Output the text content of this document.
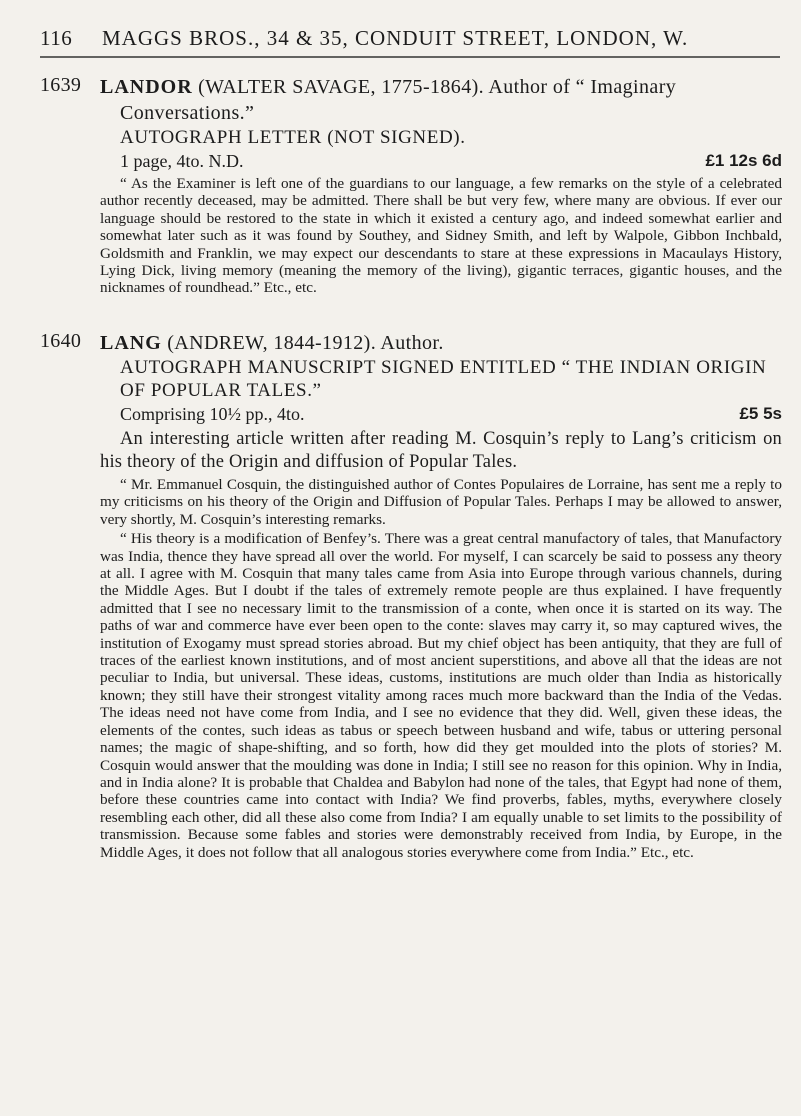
116 MAGGS BROS., 34 & 35, CONDUIT STREET, LONDON, W.
1639 LANDOR (WALTER SAVAGE, 1775-1864). Author of “ Imaginary
Conversations.”
AUTOGRAPH LETTER (NOT SIGNED).
1 page, 4to. N.D.	£1 12s 6d

“ As the Examiner is left one of the guardians to our language, a few remarks on the style of a celebrated author recently deceased, may be admitted. There shall be but very few, where many are obvious. If ever our language should be restored to the state in which it existed a century ago, and indeed somewhat earlier and somewhat later such as it was found by Southey, and Sidney Smith, and left by Walpole, Gibbon Inchbald, Goldsmith and Franklin, we may expect our descendants to stare at these expressions in Macaulays History, Lying Dick, living memory (meaning the memory of the living), gigantic terraces, gigantic houses, and the nicknames of roundhead.” Etc., etc.

1640 LANG (ANDREW, 1844-1912). Author.
AUTOGRAPH MANUSCRIPT SIGNED ENTITLED “ THE INDIAN ORIGIN OF POPULAR TALES.”
Comprising 10½ pp., 4to.	£5 5s

An interesting article written after reading M. Cosquin’s reply to Lang’s criticism on his theory of the Origin and diffusion of Popular Tales.

“ Mr. Emmanuel Cosquin, the distinguished author of Contes Populaires de Lorraine, has sent me a reply to my criticisms on his theory of the Origin and Diffusion of Popular Tales. Perhaps I may be allowed to answer, very shortly, M. Cosquin’s interesting remarks.

“ His theory is a modification of Benfey’s. There was a great central manufactory of tales, that Manufactory was India, thence they have spread all over the world. For myself, I can scarcely be said to possess any theory at all. I agree with M. Cosquin that many tales came from Asia into Europe through various channels, during the Middle Ages. But I doubt if the tales of extremely remote people are thus explained. I have frequently admitted that I see no necessary limit to the transmission of a conte, when once it is started on its way. The paths of war and commerce have ever been open to the conte: slaves may carry it, so may captured wives, the institution of Exogamy must spread stories abroad. But my chief object has been antiquity, that they are full of traces of the earliest known institutions, and of most ancient superstitions, and above all that the ideas are not peculiar to India, but universal. These ideas, customs, institutions are much older than India as historically known; they still have their strongest vitality among races much more backward than the India of the Vedas. The ideas need not have come from India, and I see no evidence that they did. Well, given these ideas, the elements of the contes, such ideas as tabus or speech between husband and wife, tabus or uttering personal names; the magic of shape-shifting, and so forth, how did they get moulded into the plots of stories? M. Cosquin would answer that the moulding was done in India; I still see no reason for this opinion. Why in India, and in India alone? It is probable that Chaldea and Babylon had none of the tales, that Egypt had none of them, before these countries came into contact with India? We find proverbs, fables, myths, everywhere closely resembling each other, did all these also come from India? I am equally unable to set limits to the possibility of transmission. Because some fables and stories were demonstrably received from India, by Europe, in the Middle Ages, it does not follow that all analogous stories everywhere come from India.” Etc., etc.
